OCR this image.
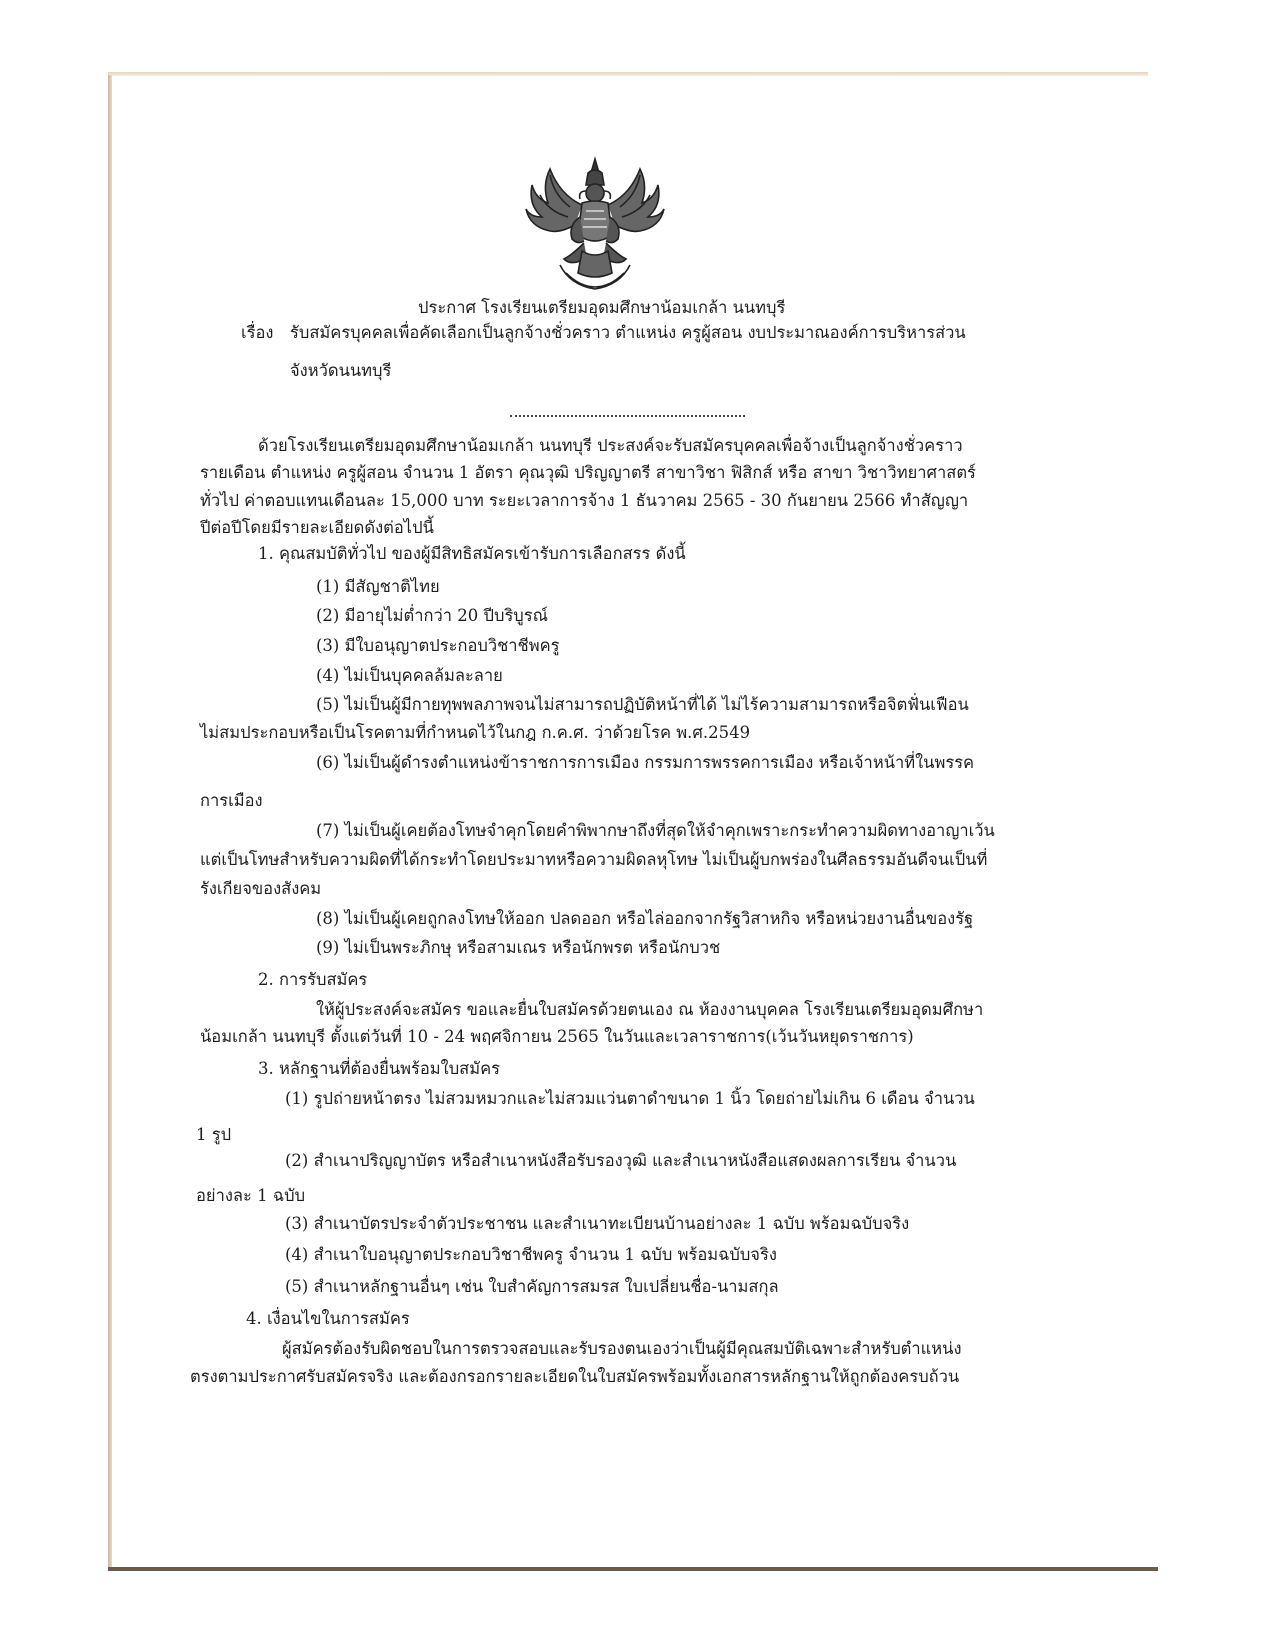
ประกาศ โรงเรียนเตรียมอุดมศึกษาน้อมเกล้า นนทบุรี
เรื่อง รับสมัครบุคคลเพื่อคัดเลือกเป็นลูกจ้างชั่วคราว ตำแหน่ง ครูผู้สอน งบประมาณองค์การบริหารส่วน
จังหวัดนนทบุรี
ด้วยโรงเรียนเตรียมอุดมศึกษาน้อมเกล้า นนทบุรี ประสงค์จะรับสมัครบุคคลเพื่อจ้างเป็นลูกจ้างชั่วคราว
รายเดือน ตำแหน่ง ครูผู้สอน จำนวน 1 อัตรา คุณวุฒิ ปริญญาตรี สาขาวิชา ฟิสิกส์ หรือ สาขา วิชาวิทยาศาสตร์
ทั่วไป ค่าตอบแทนเดือนละ 15,000 บาท ระยะเวลาการจ้าง 1 ธันวาคม 2565 - 30 กันยายน 2566 ทำสัญญา
ปีต่อปีโดยมีรายละเอียดดังต่อไปนี้
1. คุณสมบัติทั่วไป ของผู้มีสิทธิสมัครเข้ารับการเลือกสรร ดังนี้
(1) มีสัญชาติไทย
(2) มีอายุไม่ต่ำกว่า 20 ปีบริบูรณ์
(3) มีใบอนุญาตประกอบวิชาชีพครู
(4) ไม่เป็นบุคคลล้มละลาย
(5) ไม่เป็นผู้มีกายทุพพลภาพจนไม่สามารถปฏิบัติหน้าที่ได้ ไม่ไร้ความสามารถหรือจิตฟั่นเฟือน
ไม่สมประกอบหรือเป็นโรคตามที่กำหนดไว้ในกฎ ก.ค.ศ. ว่าด้วยโรค พ.ศ.2549
(6) ไม่เป็นผู้ดำรงตำแหน่งข้าราชการการเมือง กรรมการพรรคการเมือง หรือเจ้าหน้าที่ในพรรค
การเมือง
(7) ไม่เป็นผู้เคยต้องโทษจำคุกโดยคำพิพากษาถึงที่สุดให้จำคุกเพราะกระทำความผิดทางอาญาเว้น
แต่เป็นโทษสำหรับความผิดที่ได้กระทำโดยประมาทหรือความผิดลหุโทษ ไม่เป็นผู้บกพร่องในศีลธรรมอันดีจนเป็นที่
รังเกียจของสังคม
(8) ไม่เป็นผู้เคยถูกลงโทษให้ออก ปลดออก หรือไล่ออกจากรัฐวิสาหกิจ หรือหน่วยงานอื่นของรัฐ
(9) ไม่เป็นพระภิกษุ หรือสามเณร หรือนักพรต หรือนักบวช
2. การรับสมัคร
ให้ผู้ประสงค์จะสมัคร ขอและยื่นใบสมัครด้วยตนเอง ณ ห้องงานบุคคล โรงเรียนเตรียมอุดมศึกษา
น้อมเกล้า นนทบุรี ตั้งแต่วันที่ 10 - 24 พฤศจิกายน 2565 ในวันและเวลาราชการ(เว้นวันหยุดราชการ)
3. หลักฐานที่ต้องยื่นพร้อมใบสมัคร
(1) รูปถ่ายหน้าตรง ไม่สวมหมวกและไม่สวมแว่นตาดำขนาด 1 นิ้ว โดยถ่ายไม่เกิน 6 เดือน จำนวน
1 รูป
(2) สำเนาปริญญาบัตร หรือสำเนาหนังสือรับรองวุฒิ และสำเนาหนังสือแสดงผลการเรียน จำนวน
อย่างละ 1 ฉบับ
(3) สำเนาบัตรประจำตัวประชาชน และสำเนาทะเบียนบ้านอย่างละ 1 ฉบับ พร้อมฉบับจริง
(4) สำเนาใบอนุญาตประกอบวิชาชีพครู จำนวน 1 ฉบับ พร้อมฉบับจริง
(5) สำเนาหลักฐานอื่นๆ เช่น ใบสำคัญการสมรส ใบเปลี่ยนชื่อ-นามสกุล
4. เงื่อนไขในการสมัคร
ผู้สมัครต้องรับผิดชอบในการตรวจสอบและรับรองตนเองว่าเป็นผู้มีคุณสมบัติเฉพาะสำหรับตำแหน่ง
ตรงตามประกาศรับสมัครจริง และต้องกรอกรายละเอียดในใบสมัครพร้อมทั้งเอกสารหลักฐานให้ถูกต้องครบถ้วน
